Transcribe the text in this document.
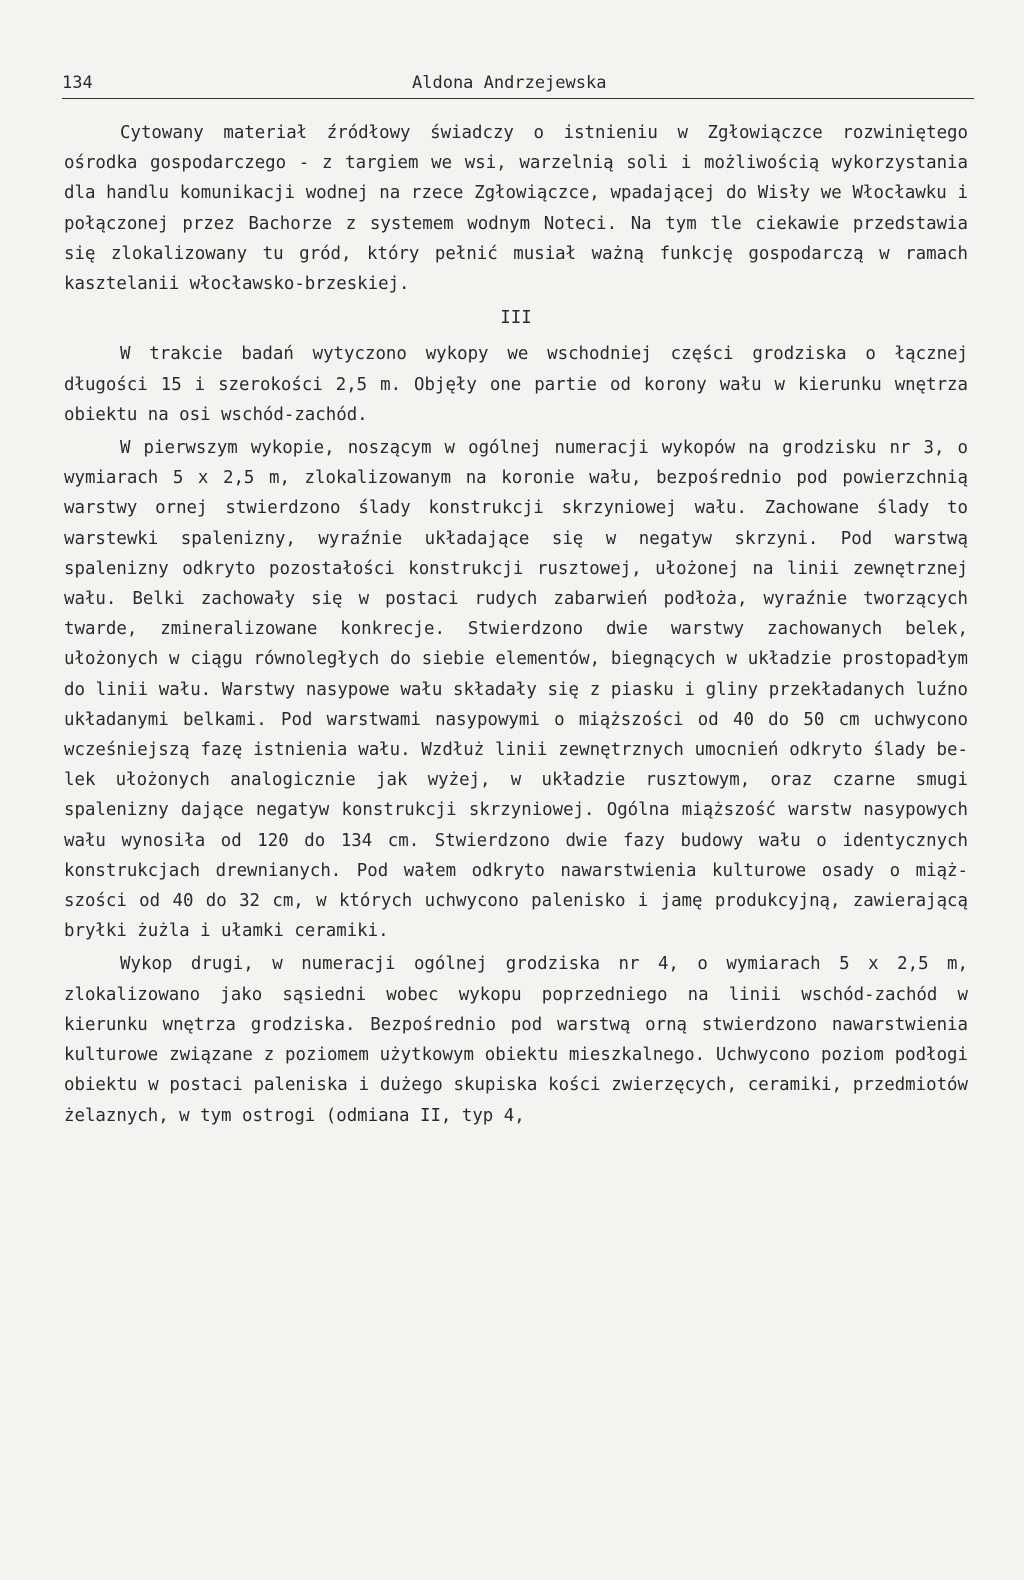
134	Aldona Andrzejewska

Cytowany materiał źródłowy świadczy o istnieniu w Zgłowiączce rozwiniętego ośrodka gospodarczego - z targiem we wsi, warzelnią soli i możliwością wykorzystania dla handlu komunikacji wodnej na rzece Zgłowiączce, wpadającej do Wisły we Włocławku i połączonej przez Bachorze z systemem wodnym Noteci. Na tym tle ciekawie przedstawia się zlokalizowany tu gród, który pełnić musiał ważną funkcję gospodarczą w ramach kasztelanii włocławsko-brzeskiej.

III

W trakcie badań wytyczono wykopy we wschodniej części grodziska o łącznej długości 15 i szerokości 2,5 m. Objęły one partie od korony wału w kierunku wnętrza obiektu na osi wschód-zachód.

W pierwszym wykopie, noszącym w ogólnej numeracji wykopów na grodzisku nr 3, o wymiarach 5 x 2,5 m, zlokalizowanym na koronie wału, bezpośrednio pod powierzchnią warstwy ornej stwierdzono ślady konstrukcji skrzyniowej wału. Zachowane ślady to warstewki spalenizny, wyraźnie układające się w negatyw skrzyni. Pod warstwą spalenizny odkryto pozostałości konstrukcji rusztowej, ułożonej na linii zewnętrznej wału. Belki zachowały się w postaci rudych zabarwień podłoża, wyraźnie tworzących twarde, zmineralizowane konkrecje. Stwierdzono dwie warstwy zachowanych belek, ułożonych w ciągu równoległych do siebie elementów, biegnących w układzie prostopadłym do linii wału. Warstwy nasypowe wału składały się z piasku i gliny przekładanych luźno układanymi belkami. Pod warstwami nasypowymi o miąższości od 40 do 50 cm uchwycono wcześniejszą fazę istnienia wału. Wzdłuż linii zewnętrznych umocnień odkryto ślady belek ułożonych analogicznie jak wyżej, w układzie rusztowym, oraz czarne smugi spalenizny dające negatyw konstrukcji skrzyniowej. Ogólna miąższość warstw nasypowych wału wynosiła od 120 do 134 cm. Stwierdzono dwie fazy budowy wału o identycznych konstrukcjach drewnianych. Pod wałem odkryto nawarstwienia kulturowe osady o miąższości od 40 do 32 cm, w których uchwycono palenisko i jamę produkcyjną, zawierającą bryłki żużla i ułamki ceramiki.

Wykop drugi, w numeracji ogólnej grodziska nr 4, o wymiarach 5 x 2,5 m, zlokalizowano jako sąsiedni wobec wykopu poprzedniego na linii wschód-zachód w kierunku wnętrza grodziska. Bezpośrednio pod warstwą orną stwierdzono nawarstwienia kulturowe związane z poziomem użytkowym obiektu mieszkalnego. Uchwycono poziom podłogi obiektu w postaci paleniska i dużego skupiska kości zwierzęcych, ceramiki, przedmiotów żelaznych, w tym ostrogi (odmiana II, typ 4,
